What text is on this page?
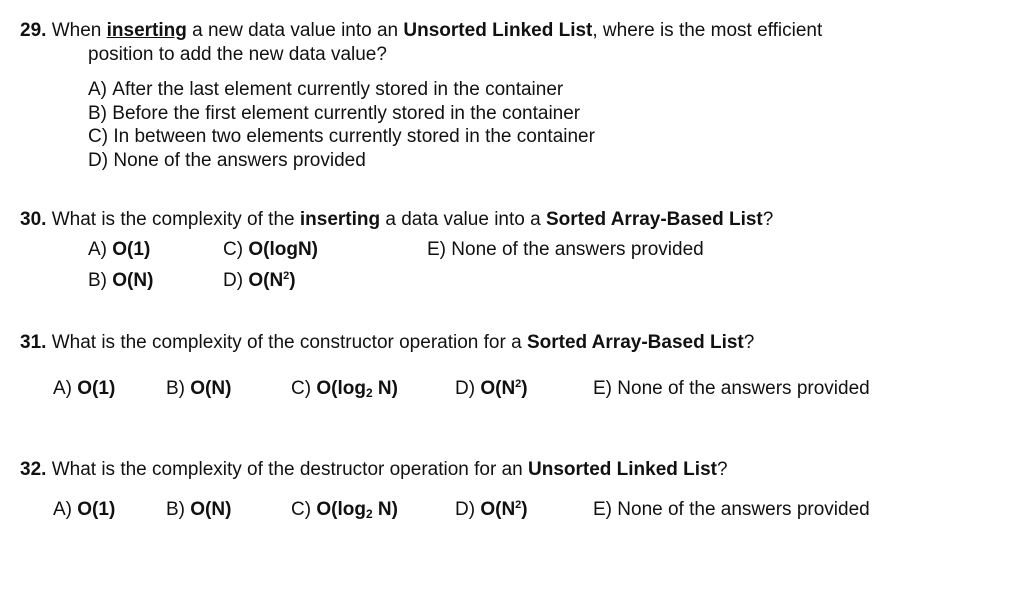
29. When inserting a new data value into an Unsorted Linked List, where is the most efficient
position to add the new data value?
A) After the last element currently stored in the container
B) Before the first element currently stored in the container
C) In between two elements currently stored in the container
D) None of the answers provided
30. What is the complexity of the inserting a data value into a Sorted Array-Based List?
A) O(1)	C) O(logN)	E) None of the answers provided
B) O(N)	D) $O(N^2)$
31. What is the complexity of the constructor operation for a Sorted Array-Based List?
A) O(1)	B) O(N)	C) $O(\log_2$ N)	D) $O(N^2)$	E) None of the answers provided
32. What is the complexity of the destructor operation for an Unsorted Linked List?
A) O(1)	B) O(N)	C) $O(\log_2$ N)	D) $O(N^2)$	E) None of the answers provided
